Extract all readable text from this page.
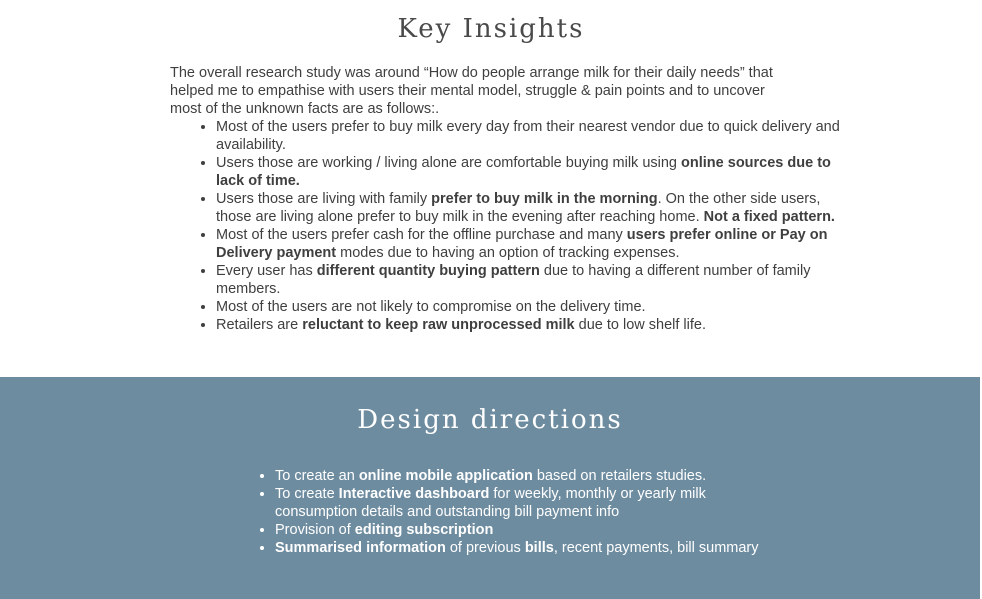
Key Insights

The overall research study was around “How do people arrange milk for their daily needs” that helped me to empathise with users their mental model, struggle & pain points and to uncover most of the unknown facts are as follows:.

• Most of the users prefer to buy milk every day from their nearest vendor due to quick delivery and availability.
• Users those are working / living alone are comfortable buying milk using online sources due to lack of time.
• Users those are living with family prefer to buy milk in the morning. On the other side users, those are living alone prefer to buy milk in the evening after reaching home. Not a fixed pattern.
• Most of the users prefer cash for the offline purchase and many users prefer online or Pay on Delivery payment modes due to having an option of tracking expenses.
• Every user has different quantity buying pattern due to having a different number of family members.
• Most of the users are not likely to compromise on the delivery time.
• Retailers are reluctant to keep raw unprocessed milk due to low shelf life.
Design directions
• To create an online mobile application based on retailers studies.
• To create Interactive dashboard for weekly, monthly or yearly milk consumption details and outstanding bill payment info
• Provision of editing subscription
• Summarised information of previous bills, recent payments, bill summary
